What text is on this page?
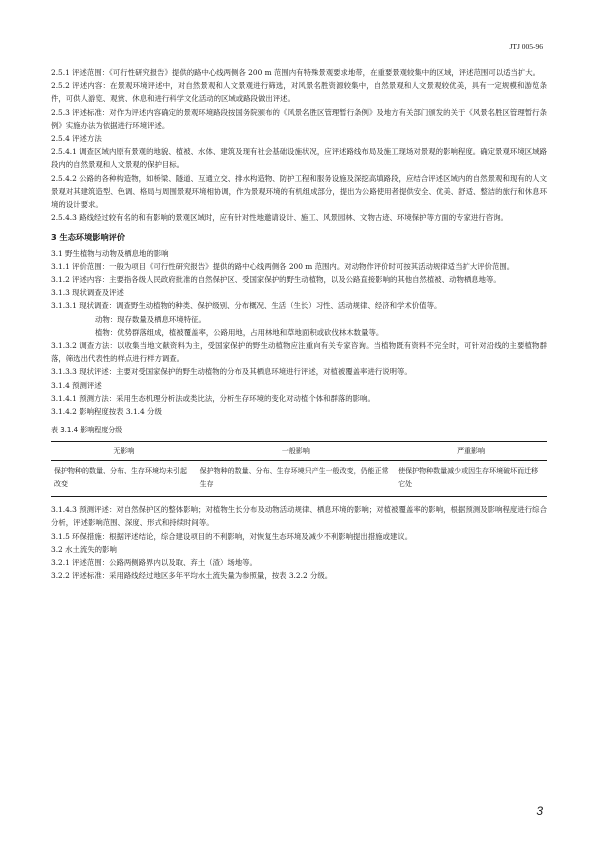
JTJ 005-96

2.5.1 评述范围：《可行性研究报告》提供的路中心线两侧各 200 m 范围内有特殊景观要求地带，在重要景观较集中的区域，评述范围可以适当扩大。

2.5.2 评述内容：在景观环境评述中，对自然景观和人文景观进行筛选，对风景名胜资源较集中，自然景观和人文景观较优美，具有一定规模和游览条件，可供人游览、观赏、休息和进行科学文化活动的区域或路段做出评述。

2.5.3 评述标准：对作为评述内容确定的景观环境路段按国务院颁布的《风景名胜区管理暂行条例》及地方有关部门颁发的关于《风景名胜区管理暂行条例》实施办法为依据进行环境评述。

2.5.4 评述方法

2.5.4.1 调查区域内原有景观的地貌、植被、水体、建筑及现有社会基础设施状况，应评述路线布局及施工现场对景观的影响程度。确定景观环境区域路段内的自然景观和人文景观的保护目标。

2.5.4.2 公路的各种构造物，如桥梁、隧道、互通立交、排水构造物、防护工程和服务设施及深挖高填路段，应结合评述区域内的自然景观和现有的人文景观对其建筑造型、色调、格局与周围景观环境相协调，作为景观环境的有机组成部分，提出为公路使用者提供安全、优美、舒适、整洁的旅行和休息环境的设计要求。

2.5.4.3 路线经过较有名的和有影响的景观区域时，应有针对性地邀请设计、施工、风景园林、文物古迹、环境保护等方面的专家进行咨询。

3 生态环境影响评价

3.1 野生植物与动物及栖息地的影响

3.1.1 评价范围：一般为项目《可行性研究报告》提供的路中心线两侧各 200 m 范围内。对动物作评价时可按其活动规律适当扩大评价范围。

3.1.2 评述内容：主要指各级人民政府批准的自然保护区、受国家保护的野生动植物，以及公路直接影响的其他自然植被、动物栖息地等。

3.1.3 现状调查及评述

3.1.3.1 现状调查：调查野生动植物的种类、保护级别、分布概况、生活（生长）习性、活动规律、经济和学术价值等。

动物：现存数量及栖息环境特征。

植物：优势群落组成，植被覆盖率，公路用地，占用林地和草地面积或砍伐林木数量等。

3.1.3.2 调查方法：以收集当地文献资料为主，受国家保护的野生动植物应注重向有关专家咨询。当植物既有资料不完全时，可针对沿线的主要植物群落，筛选出代表性的样点进行样方调查。

3.1.3.3 现状评述：主要对受国家保护的野生动植物的分布及其栖息环境进行评述，对植被覆盖率进行说明等。

3.1.4 预测评述

3.1.4.1 预测方法：采用生态机理分析法或类比法，分析生存环境的变化对动植个体和群落的影响。

3.1.4.2 影响程度按表 3.1.4 分级

表 3.1.4 影响程度分级

无影响	一般影响	严重影响
保护物种的数量、分布、生存环境均未引起改变	保护物种的数量、分布、生存环境只产生一般改变，仍能正常生存	使保护物种数量减少或因生存环境破坏而迁移它处

3.1.4.3 预测评述：对自然保护区的整体影响；对植物生长分布及动物活动规律、栖息环境的影响；对植被覆盖率的影响，根据预测及影响程度进行综合分析，评述影响范围、深度、形式和持续时间等。

3.1.5 环保措施：根据评述结论，综合建设项目的不利影响，对恢复生态环境及减少不利影响提出措施或建议。

3.2 水土流失的影响

3.2.1 评述范围：公路两侧路界内以及取、弃土（渣）场地等。

3.2.2 评述标准：采用路线经过地区多年平均水土流失量为参照量，按表 3.2.2 分级。

3
